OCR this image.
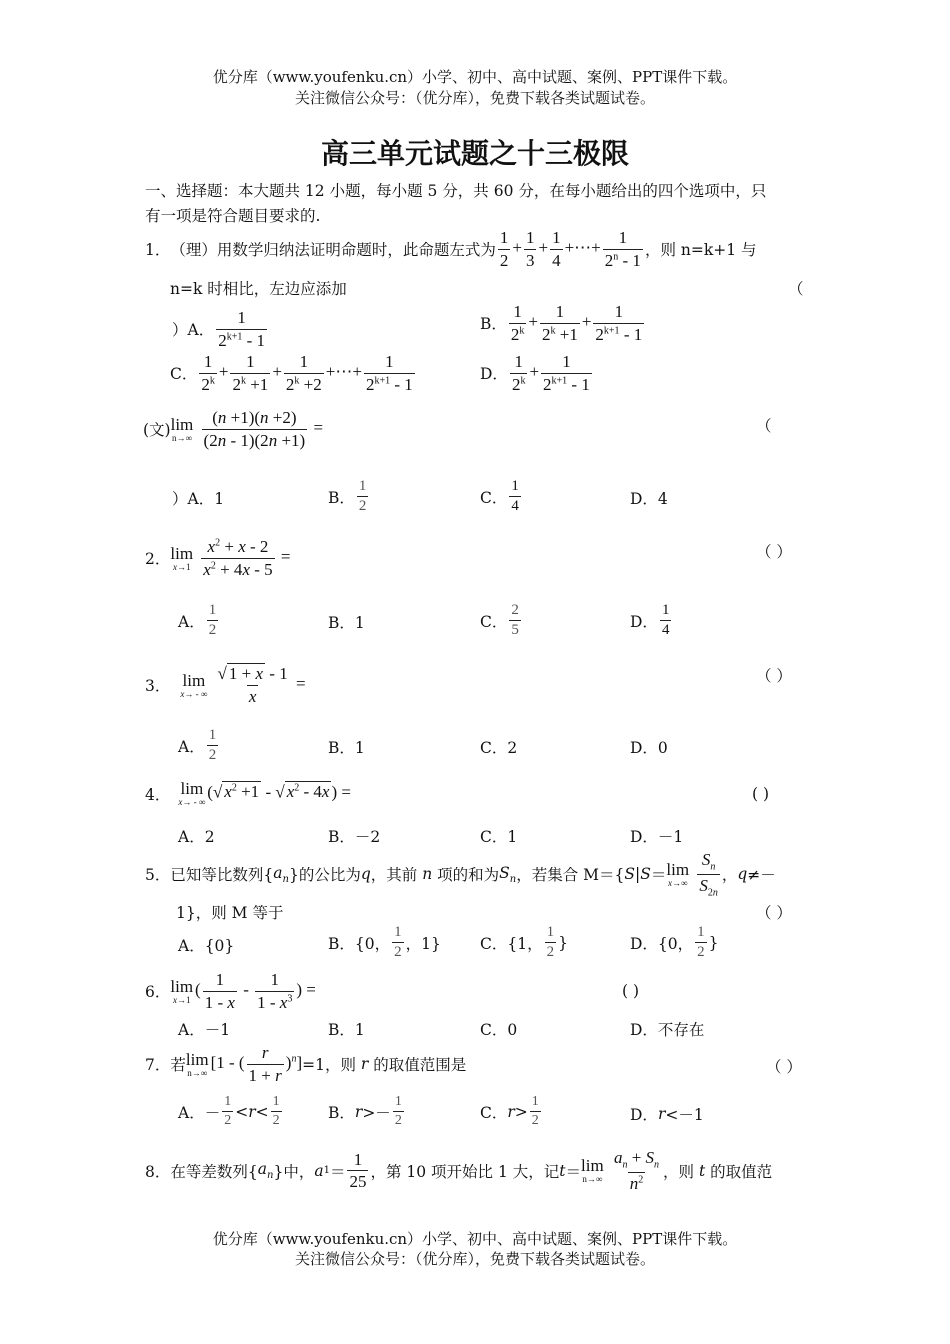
优分库（www.youfenku.cn）小学、初中、高中试题、案例、PPT课件下载。
关注微信公众号：（优分库），免费下载各类试题试卷。
高三单元试题之十三极限
一、选择题：本大题共 12 小题，每小题 5 分，共 60 分，在每小题给出的四个选项中，只
有一项是符合题目要求的.
1． （理）用数学归纳法证明命题时，此命题左式为 $\frac{1}{2} + \frac{1}{3} + \frac{1}{4}$ +⋯+ $\frac{1}{2^n - 1}$ ，则 n=k+1 与
n=k 时相比，左边应添加	（
）A． $\frac{1}{2^{k+1} - 1}$	B． $\frac{1}{2^k} + \frac{1}{2^k +1} + \frac{1}{2^{k+1} - 1}$
C． $\frac{1}{2^k} + \frac{1}{2^k +1} + \frac{1}{2^k +2}$ +⋯+ $\frac{1}{2^{k+1} - 1}$	D． $\frac{1}{2^k} + \frac{1}{2^{k+1} - 1}$
(文) lim
n→∞
$\frac{(n +1)(n +2)}{(2n - 1)(2n +1)}$ =	（
）A．1	B． $\frac{1}{2}$	C． $\frac{1}{4}$	D．4
2． lim
x→1
$\frac{x^2 + x - 2}{x^2 + 4x - 5}$ =	（ ）
A． $\frac{1}{2}$	B．1	C． $\frac{2}{5}$	D． $\frac{1}{4}$
3． lim
x→ - ∞
$\frac{√ 1 + x - 1}{x}$ =	（ ）
A． $\frac{1}{2}$	B．1	C．2	D．0
4． lim
x→ - ∞
(√ $x^2 +1$ - √ $x^2 - 4x$ ) =	( )
A．2	B．－2	C．1	D．－1
5． 已知等比数列{ $a_n$ }的公比为 q ，其前 n 项的和为 $S_n$ ，若集合 M＝{ S | S ＝ lim
x→∞
$\frac{S_n}{S_{2n}}$ ， q ≠－
1}，则 M 等于	（ ）
A．{0}	B．{0， $\frac{1}{2}$ ，1}	C．{1， $\frac{1}{2}$ }	D．{0， $\frac{1}{2}$ }
6． lim
x→1
( $\frac{1}{1 - x} - \frac{1}{1 - x^3}$ ) =	( )
A．－1	B．1	C．0	D．不存在
7． 若 lim
n→∞
[1 - ( $\frac{r}{1 + r} )^n] =1$，则 r 的取值范围是	（ ）
A．－ $\frac{1}{2} < r < \frac{1}{2}$	B． $r >- \frac{1}{2}$	C． $r > \frac{1}{2}$	D． r <－1
8． 在等差数列{ $a_n$ }中， a $1 = \frac{1}{25}$ ，第 10 项开始比 1 大，记 t ＝ lim
n→∞
$\frac{a_n + S_n}{n^2}$ ，则 t 的取值范
优分库（www.youfenku.cn）小学、初中、高中试题、案例、PPT课件下载。
关注微信公众号：（优分库），免费下载各类试题试卷。
